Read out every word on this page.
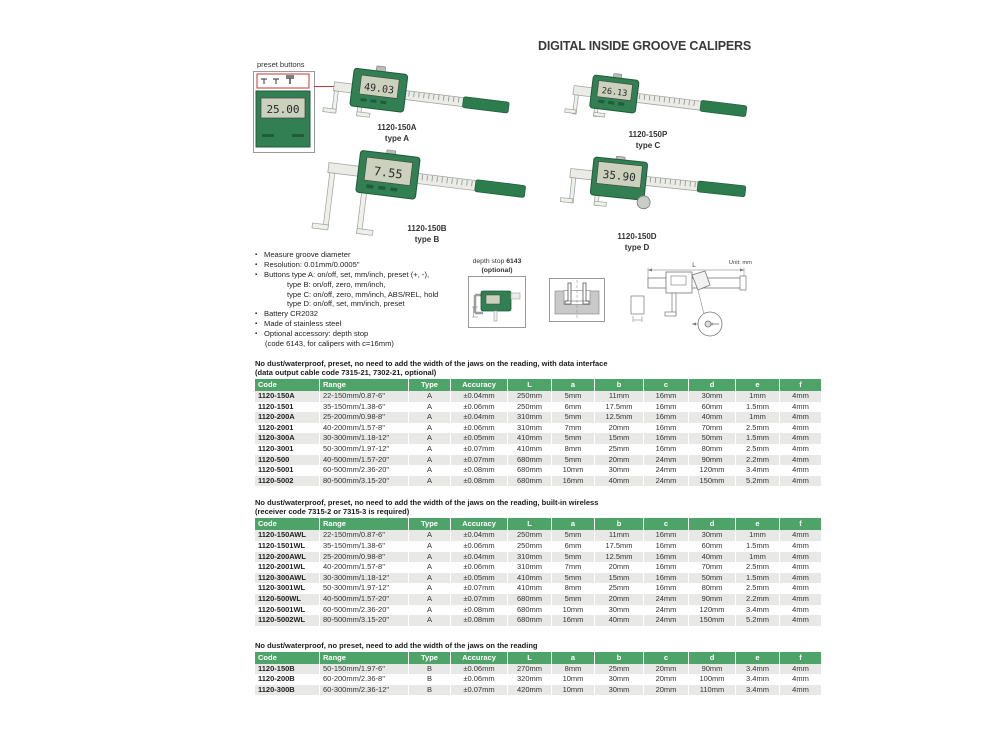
DIGITAL INSIDE GROOVE CALIPERS
preset buttons
25.00
49.03
1120-150A
type A
26.13
1120-150P
type C
7.55
1120-150B
type B
35.90
1120-150D
type D
▪ Measure groove diameter
▪ Resolution: 0.01mm/0.0005"
▪ Buttons type A: on/off, set, mm/inch, preset (+, -),
type B: on/off, zero, mm/inch,
type C: on/off, zero, mm/inch, ABS/REL, hold
type D: on/off, set, mm/inch, preset
▪ Battery CR2032
▪ Made of stainless steel
▪ Optional accessory: depth stop
(code 6143, for calipers with c=16mm)
depth stop 6143
(optional)
Unit: mm
L
No dust/waterproof, preset, no need to add the width of the jaws on the reading, with data interface
(data output cable code 7315-21, 7302-21, optional)
Code	Range	Type	Accuracy	L	a	b	c	d	e	f
1120-150A	22-150mm/0.87-6"	A	±0.04mm	250mm	5mm	11mm	16mm	30mm	1mm	4mm
1120-1501	35-150mm/1.38-6"	A	±0.06mm	250mm	6mm	17.5mm	16mm	60mm	1.5mm	4mm
1120-200A	25-200mm/0.98-8"	A	±0.04mm	310mm	5mm	12.5mm	16mm	40mm	1mm	4mm
1120-2001	40-200mm/1.57-8"	A	±0.06mm	310mm	7mm	20mm	16mm	70mm	2.5mm	4mm
1120-300A	30-300mm/1.18-12"	A	±0.05mm	410mm	5mm	15mm	16mm	50mm	1.5mm	4mm
1120-3001	50-300mm/1.97-12"	A	±0.07mm	410mm	8mm	25mm	16mm	80mm	2.5mm	4mm
1120-500	40-500mm/1.57-20"	A	±0.07mm	680mm	5mm	20mm	24mm	90mm	2.2mm	4mm
1120-5001	60-500mm/2.36-20"	A	±0.08mm	680mm	10mm	30mm	24mm	120mm	3.4mm	4mm
1120-5002	80-500mm/3.15-20"	A	±0.08mm	680mm	16mm	40mm	24mm	150mm	5.2mm	4mm
No dust/waterproof, preset, no need to add the width of the jaws on the reading, built-in wireless
(receiver code 7315-2 or 7315-3 is required)
Code	Range	Type	Accuracy	L	a	b	c	d	e	f
1120-150AWL	22-150mm/0.87-6"	A	±0.04mm	250mm	5mm	11mm	16mm	30mm	1mm	4mm
1120-1501WL	35-150mm/1.38-6"	A	±0.06mm	250mm	6mm	17.5mm	16mm	60mm	1.5mm	4mm
1120-200AWL	25-200mm/0.98-8"	A	±0.04mm	310mm	5mm	12.5mm	16mm	40mm	1mm	4mm
1120-2001WL	40-200mm/1.57-8"	A	±0.06mm	310mm	7mm	20mm	16mm	70mm	2.5mm	4mm
1120-300AWL	30-300mm/1.18-12"	A	±0.05mm	410mm	5mm	15mm	16mm	50mm	1.5mm	4mm
1120-3001WL	50-300mm/1.97-12"	A	±0.07mm	410mm	8mm	25mm	16mm	80mm	2.5mm	4mm
1120-500WL	40-500mm/1.57-20"	A	±0.07mm	680mm	5mm	20mm	24mm	90mm	2.2mm	4mm
1120-5001WL	60-500mm/2.36-20"	A	±0.08mm	680mm	10mm	30mm	24mm	120mm	3.4mm	4mm
1120-5002WL	80-500mm/3.15-20"	A	±0.08mm	680mm	16mm	40mm	24mm	150mm	5.2mm	4mm
No dust/waterproof, no preset, need to add the width of the jaws on the reading
Code	Range	Type	Accuracy	L	a	b	c	d	e	f
1120-150B	50-150mm/1.97-6"	B	±0.06mm	270mm	8mm	25mm	20mm	90mm	3.4mm	4mm
1120-200B	60-200mm/2.36-8"	B	±0.06mm	320mm	10mm	30mm	20mm	100mm	3.4mm	4mm
1120-300B	60-300mm/2.36-12"	B	±0.07mm	420mm	10mm	30mm	20mm	110mm	3.4mm	4mm
